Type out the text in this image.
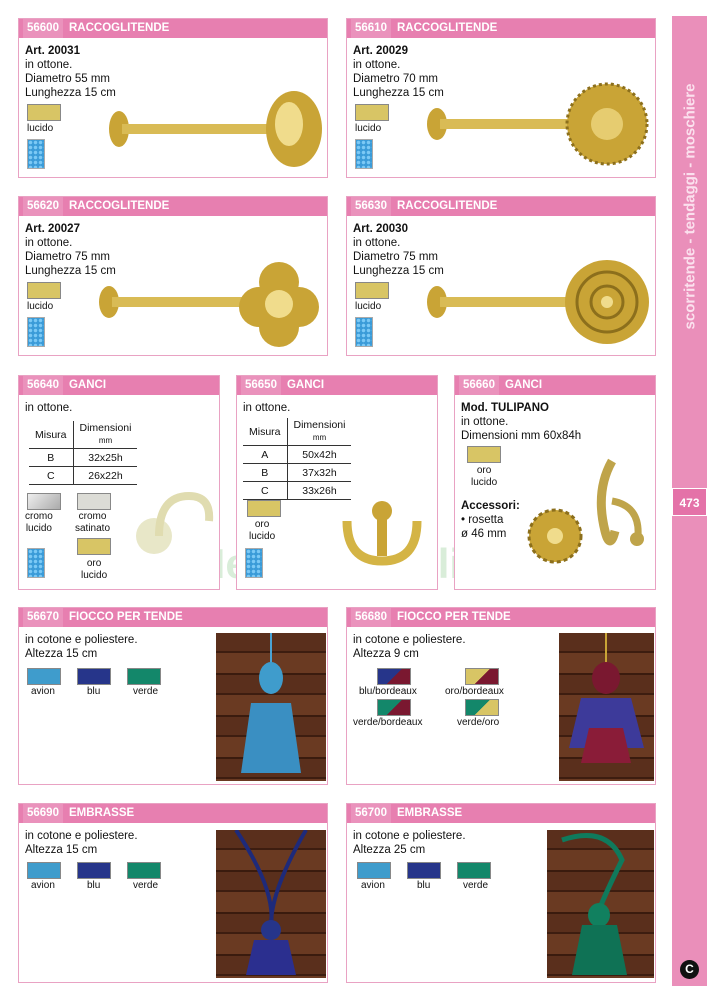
scorritende - tendaggi - moschiere
473
C
56600 RACCOGLITENDE
Art. 20031
in ottone.
Diametro 55 mm
Lunghezza 15 cm
lucido
56610 RACCOGLITENDE
Art. 20029
in ottone.
Diametro 70 mm
Lunghezza 15 cm
lucido
56620 RACCOGLITENDE
Art. 20027
in ottone.
Diametro 75 mm
Lunghezza 15 cm
lucido
56630 RACCOGLITENDE
Art. 20030
in ottone.
Diametro 75 mm
Lunghezza 15 cm
lucido
56640 GANCI
in ottone.
Misura	Dimensioni
mm
B	32x25h
C	26x22h
cromo
lucido
cromo
satinato
oro
lucido
56650 GANCI
in ottone.
Misura	Dimensioni
mm
A	50x42h
B	37x32h
C	33x26h
oro
lucido
56660 GANCI
Mod. TULIPANO
in ottone.
Dimensioni mm 60x84h
oro
lucido
Accessori:
• rosetta
ø 46 mm
56670 FIOCCO PER TENDE
in cotone e poliestere.
Altezza 15 cm
avion	blu	verde
56680 FIOCCO PER TENDE
in cotone e poliestere.
Altezza 9 cm
blu/bordeaux	oro/bordeaux
verde/bordeaux	verde/oro
56690 EMBRASSE
in cotone e poliestere.
Altezza 15 cm
avion	blu	verde
56700 EMBRASSE
in cotone e poliestere.
Altezza 25 cm
avion	blu	verde
